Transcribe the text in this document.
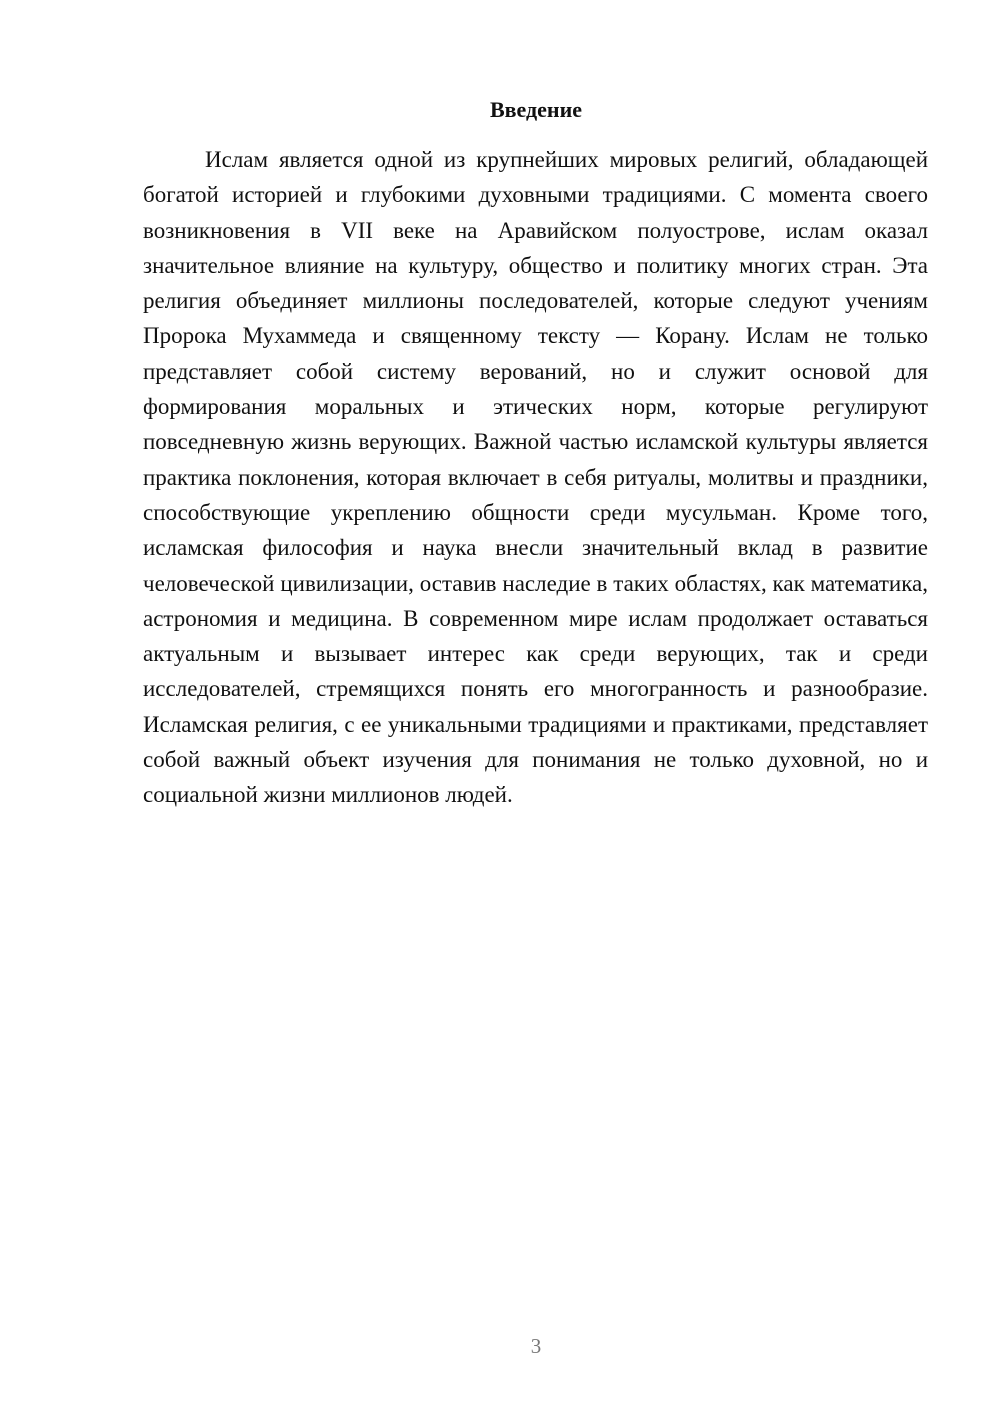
Введение

Ислам является одной из крупнейших мировых религий, обладающей богатой историей и глубокими духовными традициями. С момента своего возникновения в VII веке на Аравийском полуострове, ислам оказал значительное влияние на культуру, общество и политику многих стран. Эта религия объединяет миллионы последователей, которые следуют учениям Пророка Мухаммеда и священному тексту — Корану. Ислам не только представляет собой систему верований, но и служит основой для формирования моральных и этических норм, которые регулируют повседневную жизнь верующих. Важной частью исламской культуры является практика поклонения, которая включает в себя ритуалы, молитвы и праздники, способствующие укреплению общности среди мусульман. Кроме того, исламская философия и наука внесли значительный вклад в развитие человеческой цивилизации, оставив наследие в таких областях, как математика, астрономия и медицина. В современном мире ислам продолжает оставаться актуальным и вызывает интерес как среди верующих, так и среди исследователей, стремящихся понять его многогранность и разнообразие. Исламская религия, с ее уникальными традициями и практиками, представляет собой важный объект изучения для понимания не только духовной, но и социальной жизни миллионов людей.

3
